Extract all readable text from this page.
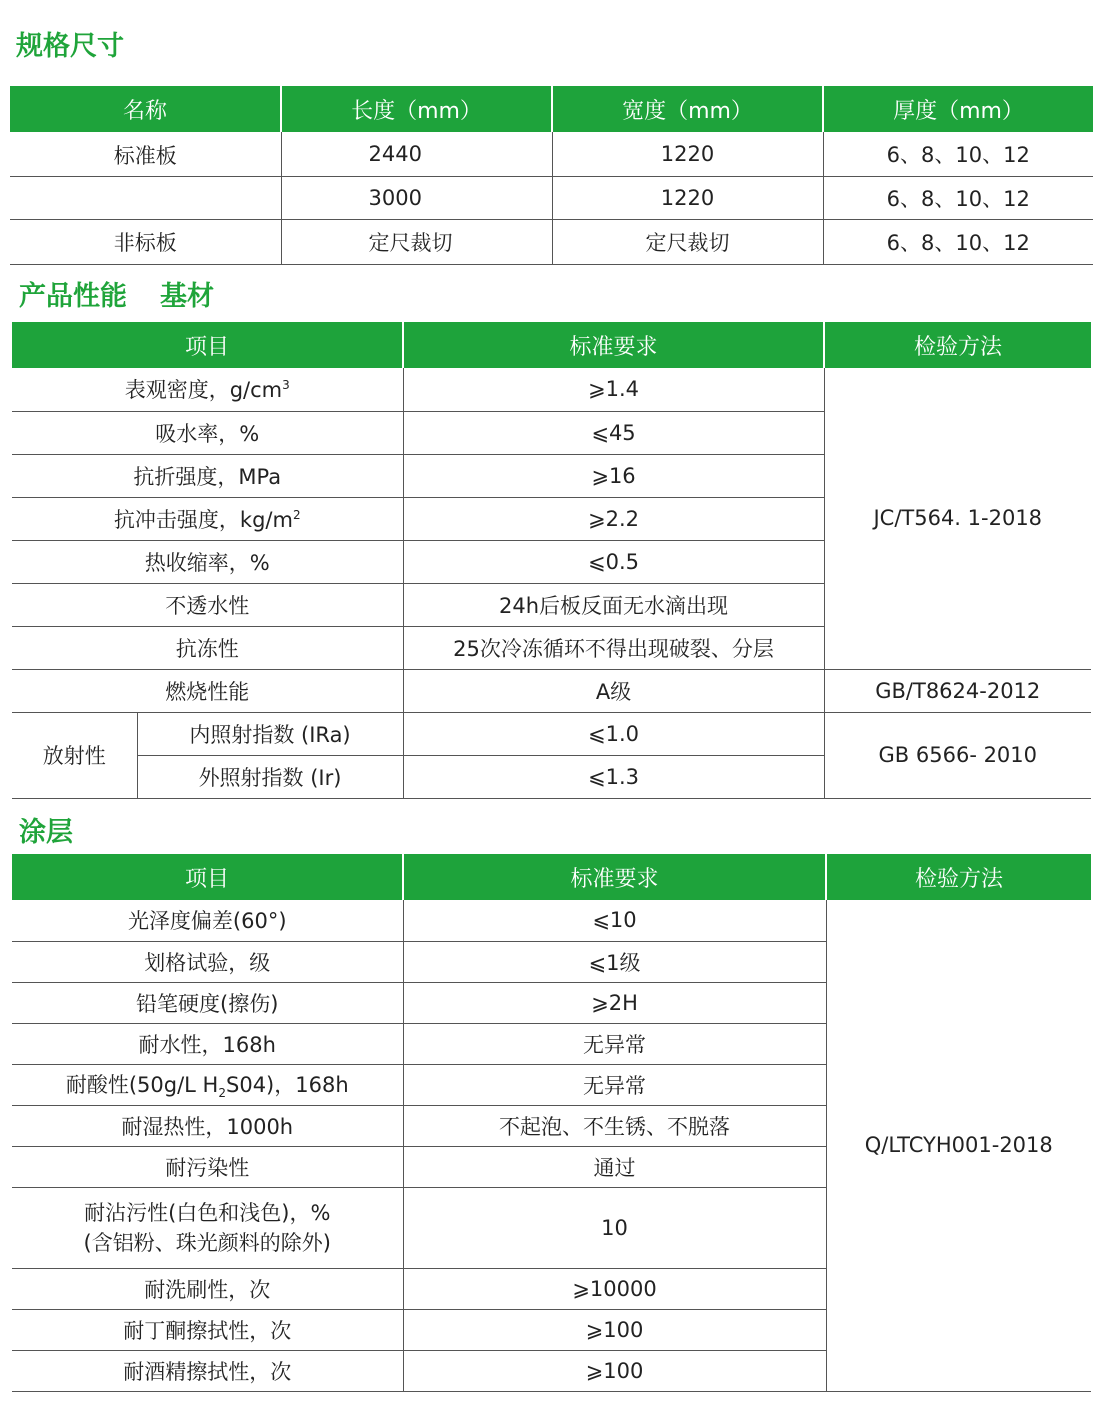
规格尺寸
名称	长度（mm）	宽度（mm）	厚度（mm）
标准板	2440	1220	6、8、10、12
	3000	1220	6、8、10、12
非标板	定尺裁切	定尺裁切	6、8、10、12
产品性能 基材
项目		标准要求	检验方法
表观密度，$g/cm^3$		⩾1.4	JC/T564. 1-2018
吸水率，%		⩽45	
抗折强度，MPa		⩾16	
抗冲击强度，$kg/m^2$		⩾2.2	
热收缩率，%		⩽0.5	
不透水性		24h后板反面无水滴出现	
抗冻性		25次冷冻循环不得出现破裂、分层	
燃烧性能		A级	GB/T8624-2012
放射性	内照射指数 (IRa)	⩽1.0	GB 6566- 2010
	外照射指数 (Ir)	⩽1.3	
涂层
项目	标准要求	检验方法
光泽度偏差(60°)	⩽10	Q/LTCYH001-2018
划格试验，级	⩽1级	
铅笔硬度(擦伤)	⩾2H	
耐水性，168h	无异常	
耐酸性(50g/L $H_2S04$)，168h	无异常	
耐湿热性，1000h	不起泡、不生锈、不脱落	
耐污染性	通过	

耐沾污性(白色和浅色)，%
(含铝粉、珠光颜料的除外)	10	
耐洗刷性，次	⩾10000	
耐丁酮擦拭性，次	⩾100	
耐酒精擦拭性，次	⩾100	
